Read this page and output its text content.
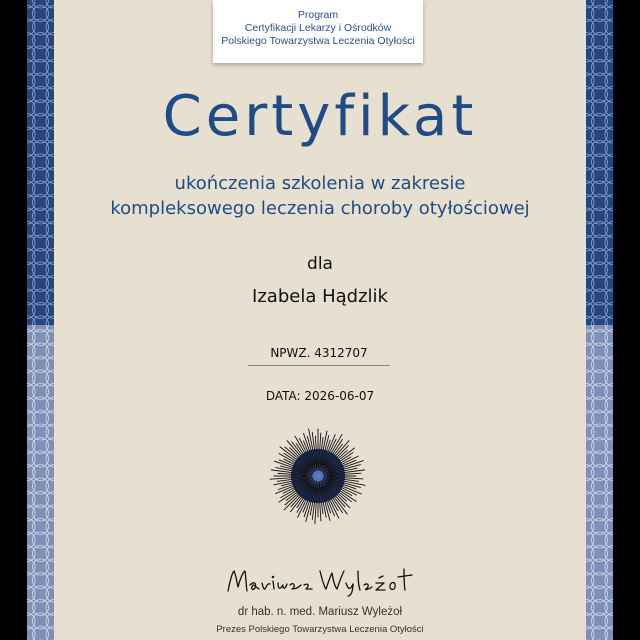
Program
Certyfikacji Lekarzy i Ośrodków
Polskiego Towarzystwa Leczenia Otyłości
Certyfikat
ukończenia szkolenia w zakresie
kompleksowego leczenia choroby otyłościowej
dla
Izabela Hądzlik
NPWZ. 4312707
DATA: 2026-06-07
dr hab. n. med. Mariusz Wyleżoł
Prezes Polskiego Towarzystwa Leczenia Otyłości
